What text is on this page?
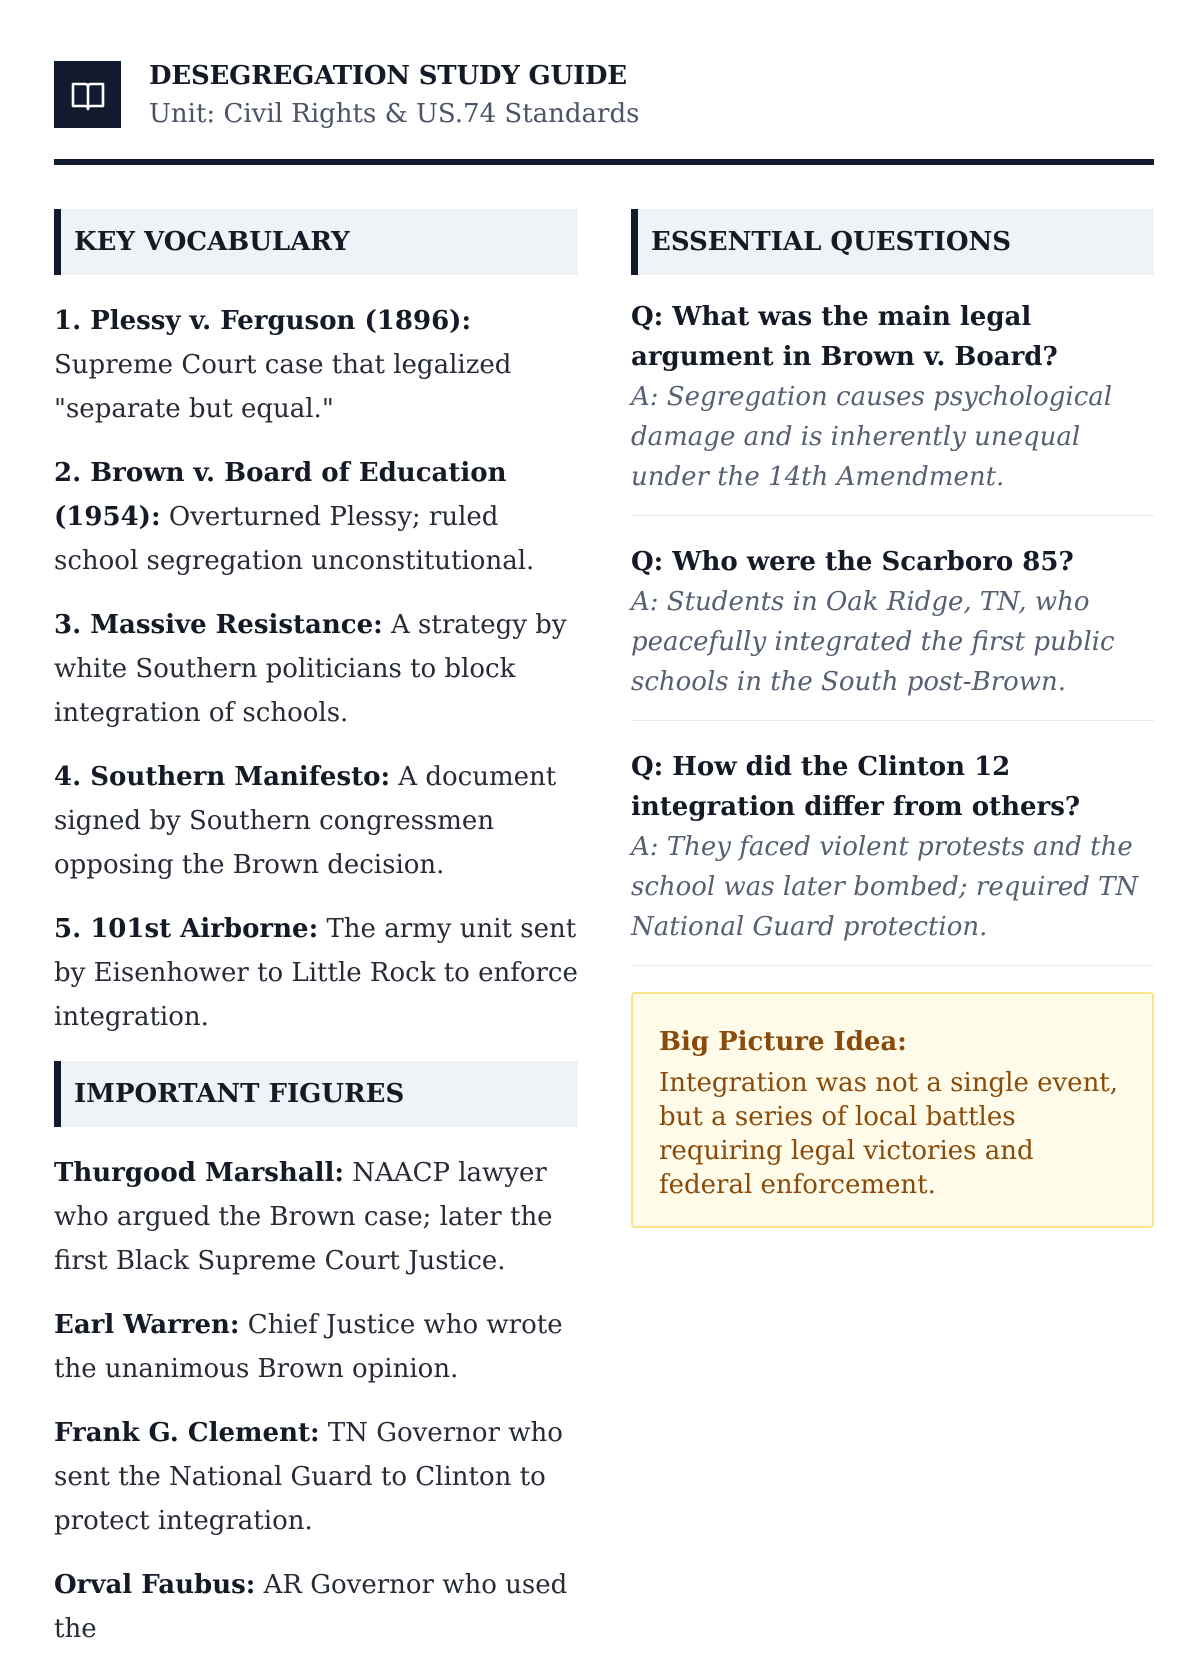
DESEGREGATION STUDY GUIDE
Unit: Civil Rights & US.74 Standards
KEY VOCABULARY
1. Plessy v. Ferguson (1896): Supreme Court case that legalized "separate but equal."
2. Brown v. Board of Education (1954): Overturned Plessy; ruled school segregation unconstitutional.
3. Massive Resistance: A strategy by white Southern politicians to block integration of schools.
4. Southern Manifesto: A document signed by Southern congressmen opposing the Brown decision.
5. 101st Airborne: The army unit sent by Eisenhower to Little Rock to enforce integration.
IMPORTANT FIGURES
Thurgood Marshall: NAACP lawyer who argued the Brown case; later the first Black Supreme Court Justice.
Earl Warren: Chief Justice who wrote the unanimous Brown opinion.
Frank G. Clement: TN Governor who sent the National Guard to Clinton to protect integration.
Orval Faubus: AR Governor who used the
ESSENTIAL QUESTIONS
Q: What was the main legal argument in Brown v. Board?
A: Segregation causes psychological damage and is inherently unequal under the 14th Amendment.
Q: Who were the Scarboro 85?
A: Students in Oak Ridge, TN, who peacefully integrated the first public schools in the South post-Brown.
Q: How did the Clinton 12 integration differ from others?
A: They faced violent protests and the school was later bombed; required TN National Guard protection.
Big Picture Idea:
Integration was not a single event, but a series of local battles requiring legal victories and federal enforcement.
